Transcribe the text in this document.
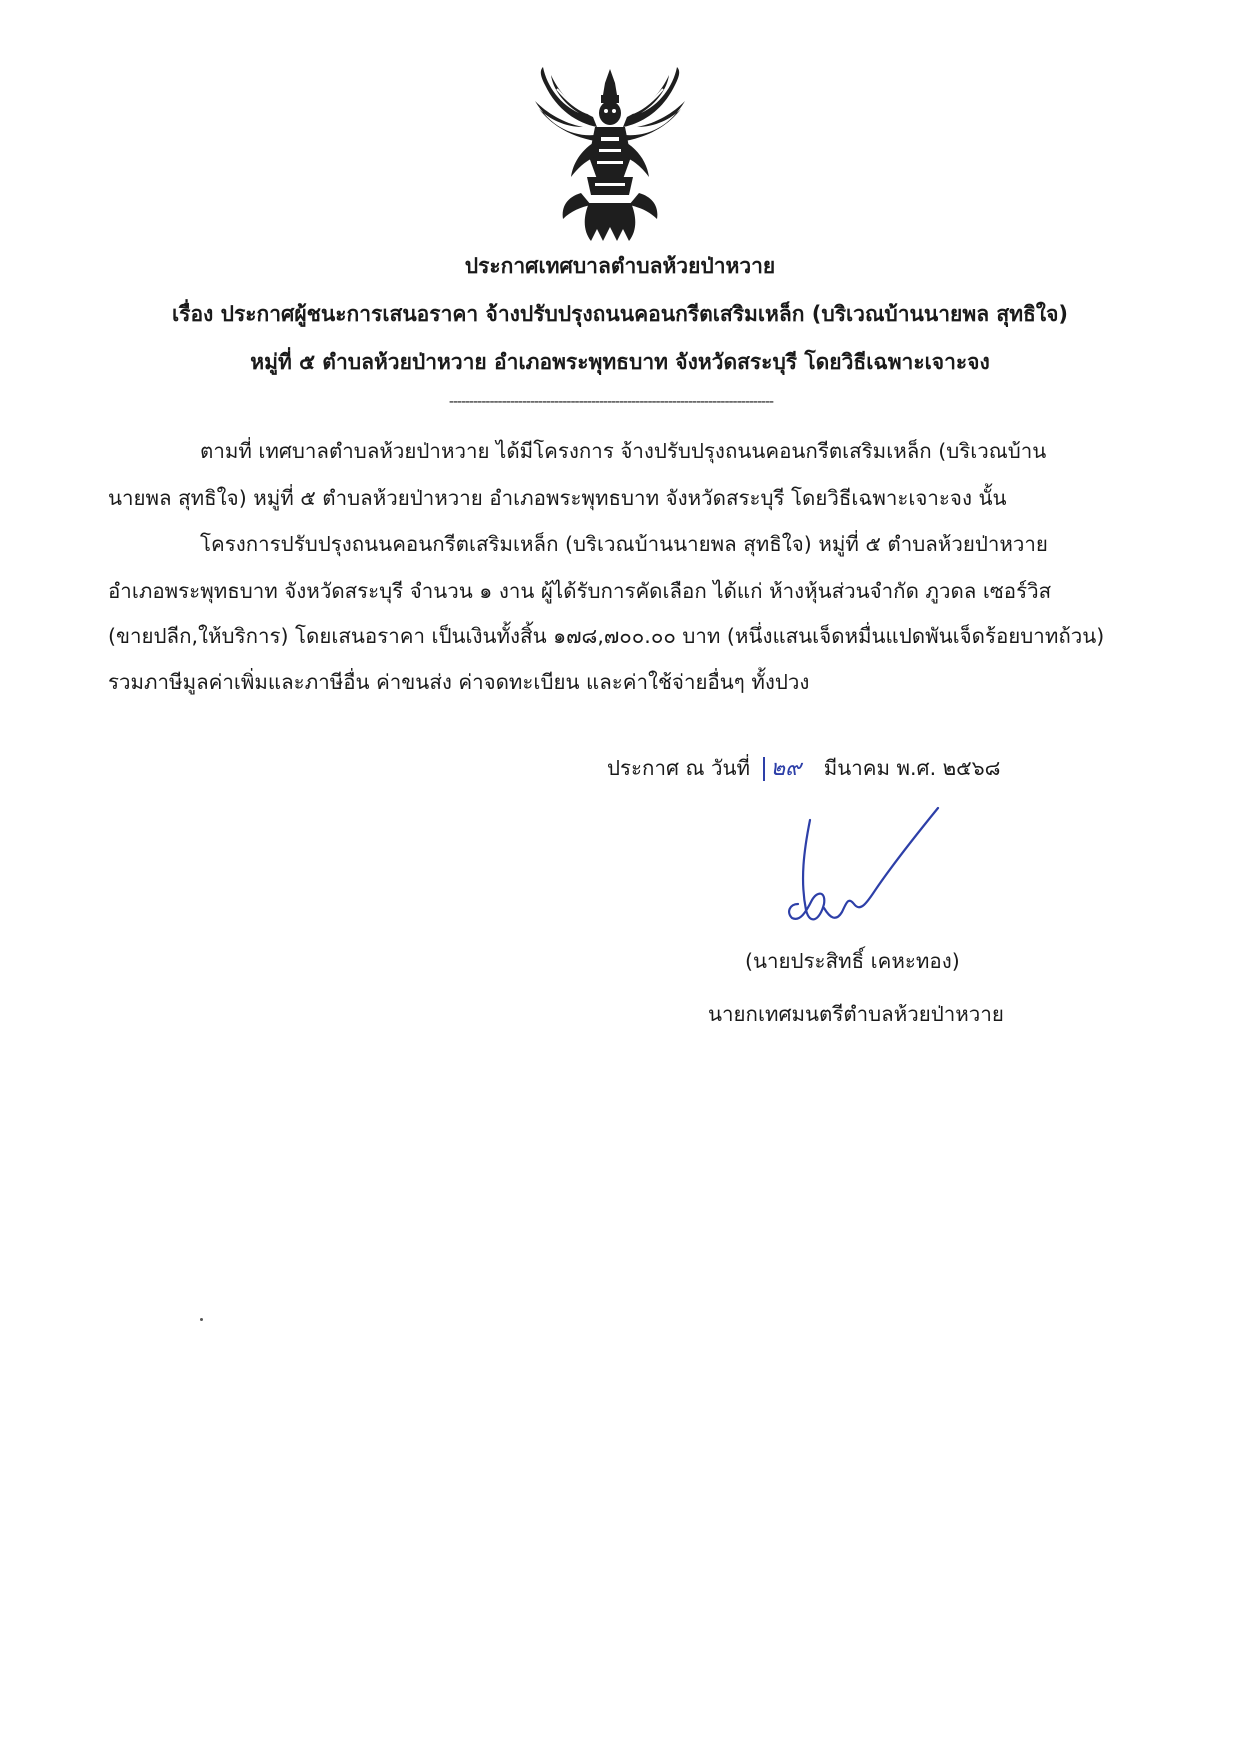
ประกาศเทศบาลตำบลห้วยป่าหวาย
เรื่อง ประกาศผู้ชนะการเสนอราคา จ้างปรับปรุงถนนคอนกรีตเสริมเหล็ก (บริเวณบ้านนายพล สุทธิใจ)
หมู่ที่ ๕ ตำบลห้วยป่าหวาย อำเภอพระพุทธบาท จังหวัดสระบุรี โดยวิธีเฉพาะเจาะจง
--------------------------------------------------------------------------------
ตามที่ เทศบาลตำบลห้วยป่าหวาย ได้มีโครงการ จ้างปรับปรุงถนนคอนกรีตเสริมเหล็ก (บริเวณบ้าน
นายพล สุทธิใจ) หมู่ที่ ๕ ตำบลห้วยป่าหวาย อำเภอพระพุทธบาท จังหวัดสระบุรี โดยวิธีเฉพาะเจาะจง นั้น
โครงการปรับปรุงถนนคอนกรีตเสริมเหล็ก (บริเวณบ้านนายพล สุทธิใจ) หมู่ที่ ๕ ตำบลห้วยป่าหวาย
อำเภอพระพุทธบาท จังหวัดสระบุรี จำนวน ๑ งาน ผู้ได้รับการคัดเลือก ได้แก่ ห้างหุ้นส่วนจำกัด ภูวดล เซอร์วิส
(ขายปลีก,ให้บริการ) โดยเสนอราคา เป็นเงินทั้งสิ้น ๑๗๘,๗๐๐.๐๐ บาท (หนึ่งแสนเจ็ดหมื่นแปดพันเจ็ดร้อยบาทถ้วน)
รวมภาษีมูลค่าเพิ่มและภาษีอื่น ค่าขนส่ง ค่าจดทะเบียน และค่าใช้จ่ายอื่นๆ ทั้งปวง
ประกาศ ณ วันที่ ๒๙ มีนาคม พ.ศ. ๒๕๖๘
(นายประสิทธิ์ เคหะทอง)
นายกเทศมนตรีตำบลห้วยป่าหวาย
